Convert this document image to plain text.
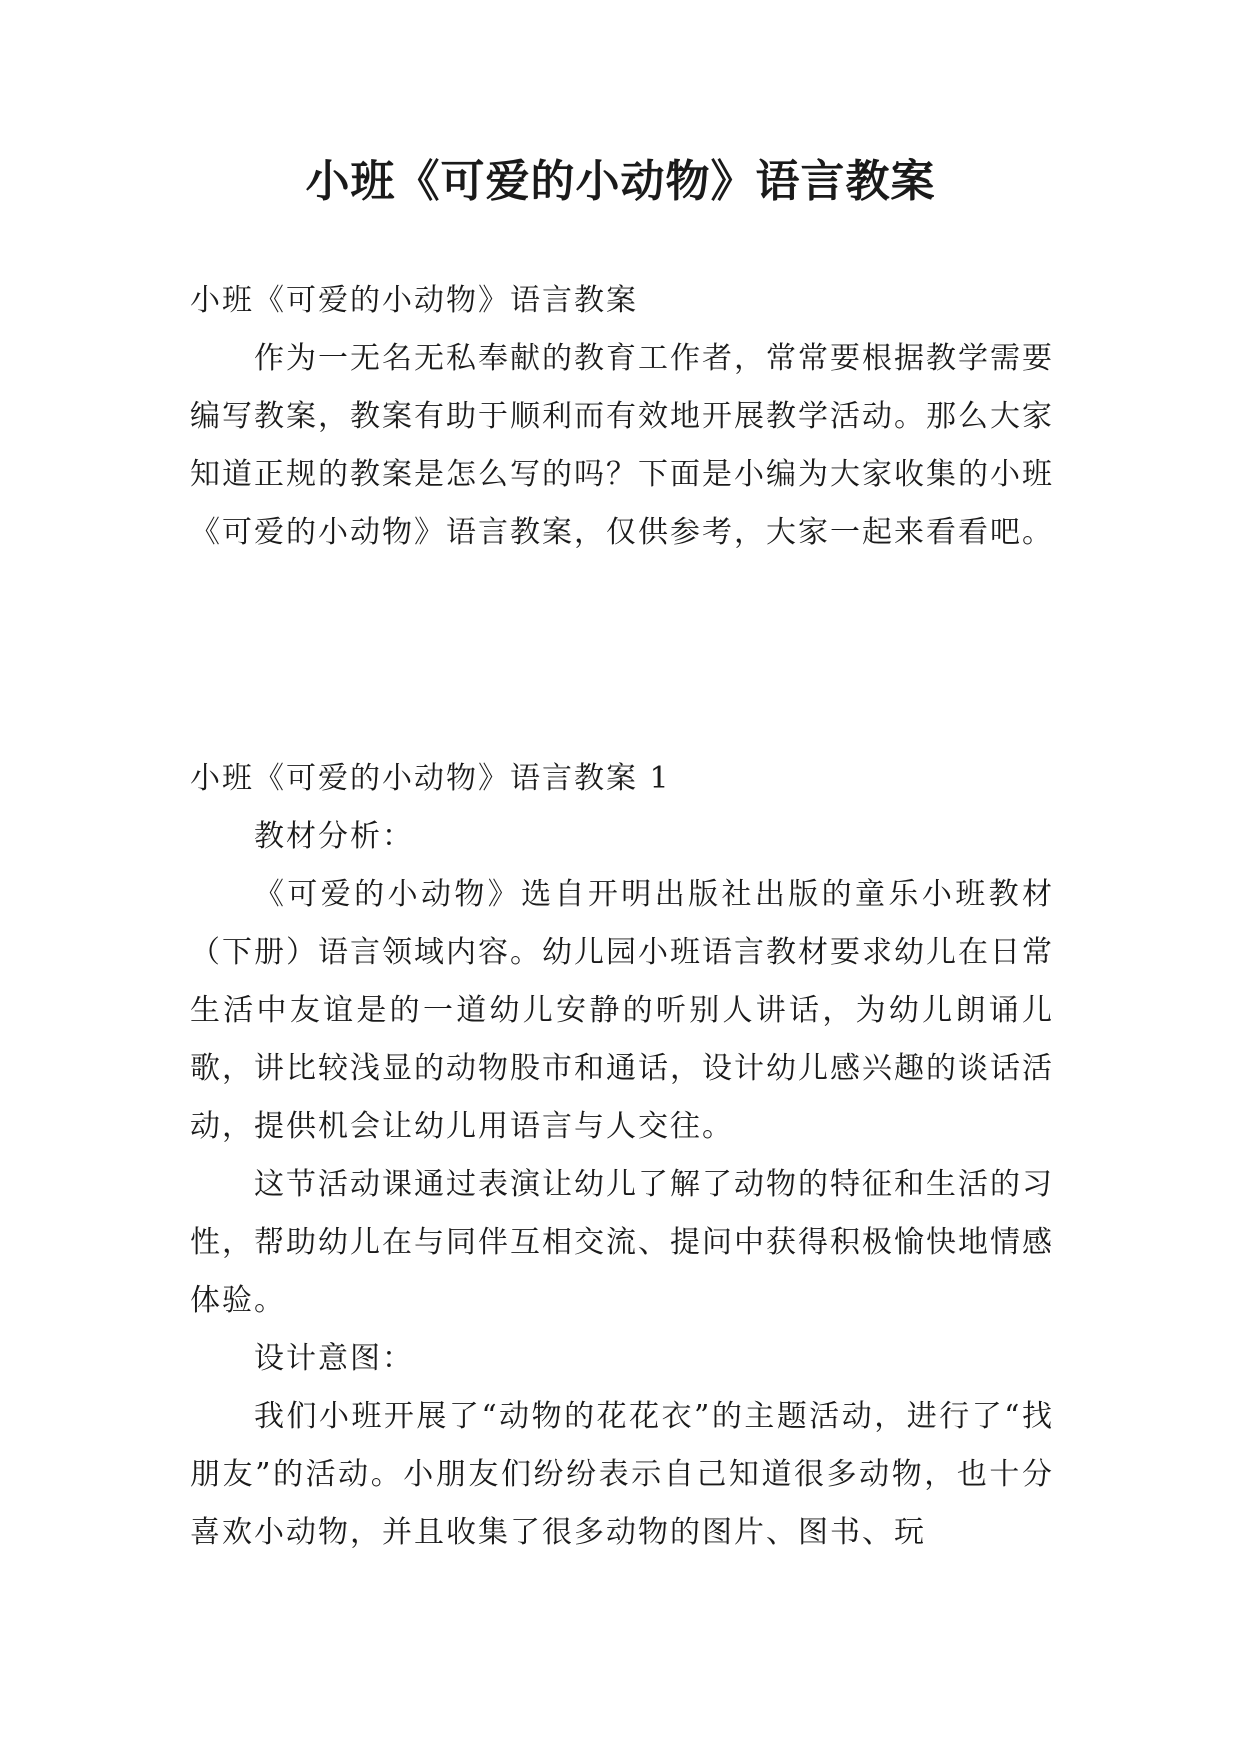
小班《可爱的小动物》语言教案

小班《可爱的小动物》语言教案

作为一无名无私奉献的教育工作者，常常要根据教学需要编写教案，教案有助于顺利而有效地开展教学活动。那么大家知道正规的教案是怎么写的吗？下面是小编为大家收集的小班《可爱的小动物》语言教案，仅供参考，大家一起来看看吧。

小班《可爱的小动物》语言教案 1

教材分析：

《可爱的小动物》选自开明出版社出版的童乐小班教材（下册）语言领域内容。幼儿园小班语言教材要求幼儿在日常生活中友谊是的一道幼儿安静的听别人讲话，为幼儿朗诵儿歌，讲比较浅显的动物股市和通话，设计幼儿感兴趣的谈话活动，提供机会让幼儿用语言与人交往。

这节活动课通过表演让幼儿了解了动物的特征和生活的习性，帮助幼儿在与同伴互相交流、提问中获得积极愉快地情感体验。

设计意图：

我们小班开展了“动物的花花衣”的主题活动，进行了“找朋友”的活动。小朋友们纷纷表示自己知道很多动物，也十分喜欢小动物，并且收集了很多动物的图片、图书、玩
